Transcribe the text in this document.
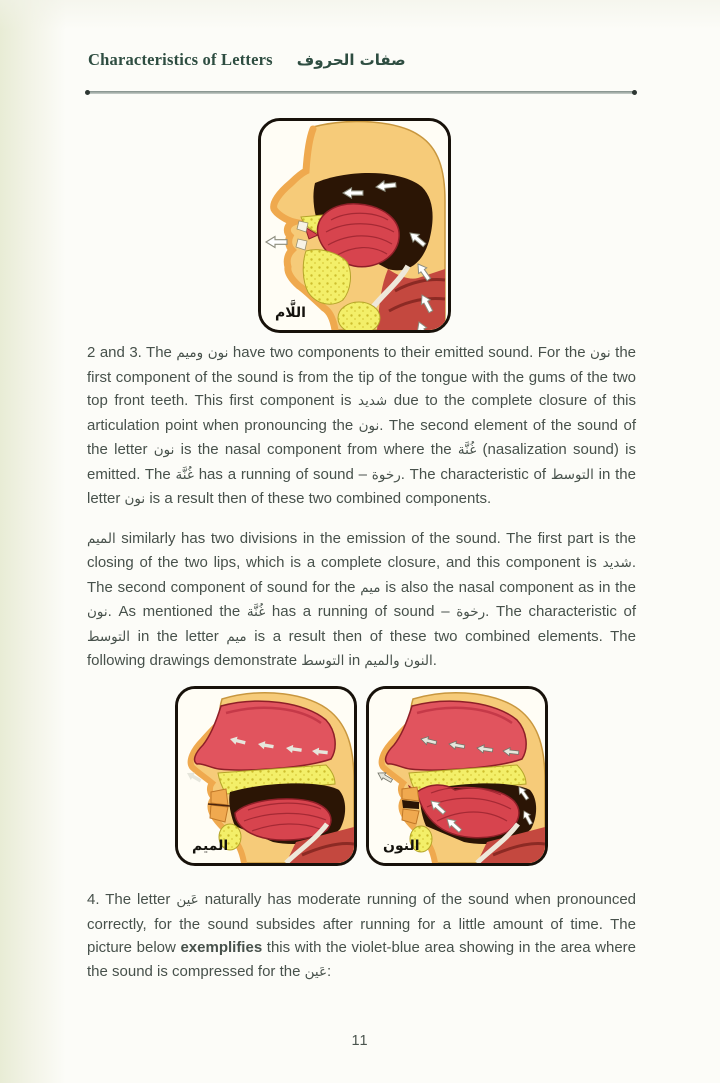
Characteristics of Letters صفات الحروف
اللَّام

2 and 3. The نون وميم have two components to their emitted sound. For the نون the first component of the sound is from the tip of the tongue with the gums of the two top front teeth. This first component is شديد due to the complete closure of this articulation point when pronouncing the نون. The second element of the sound of the letter نون is the nasal component from where the غُنَّة (nasalization sound) is emitted. The غُنَّة has a running of sound – رخوة. The characteristic of التوسط in the letter نون is a result then of these two combined components.

الميم similarly has two divisions in the emission of the sound. The first part is the closing of the two lips, which is a complete closure, and this component is شديد. The second component of sound for the ميم is also the nasal component as in the نون. As mentioned the غُنَّة has a running of sound – رخوة. The characteristic of التوسط in the letter ميم is a result then of these two combined elements. The following drawings demonstrate التوسط in النون والميم.

الميم	النون

4. The letter عَين naturally has moderate running of the sound when pronounced correctly, for the sound subsides after running for a little amount of time. The picture below exemplifies this with the violet-blue area showing in the area where the sound is compressed for the عَين:

11
